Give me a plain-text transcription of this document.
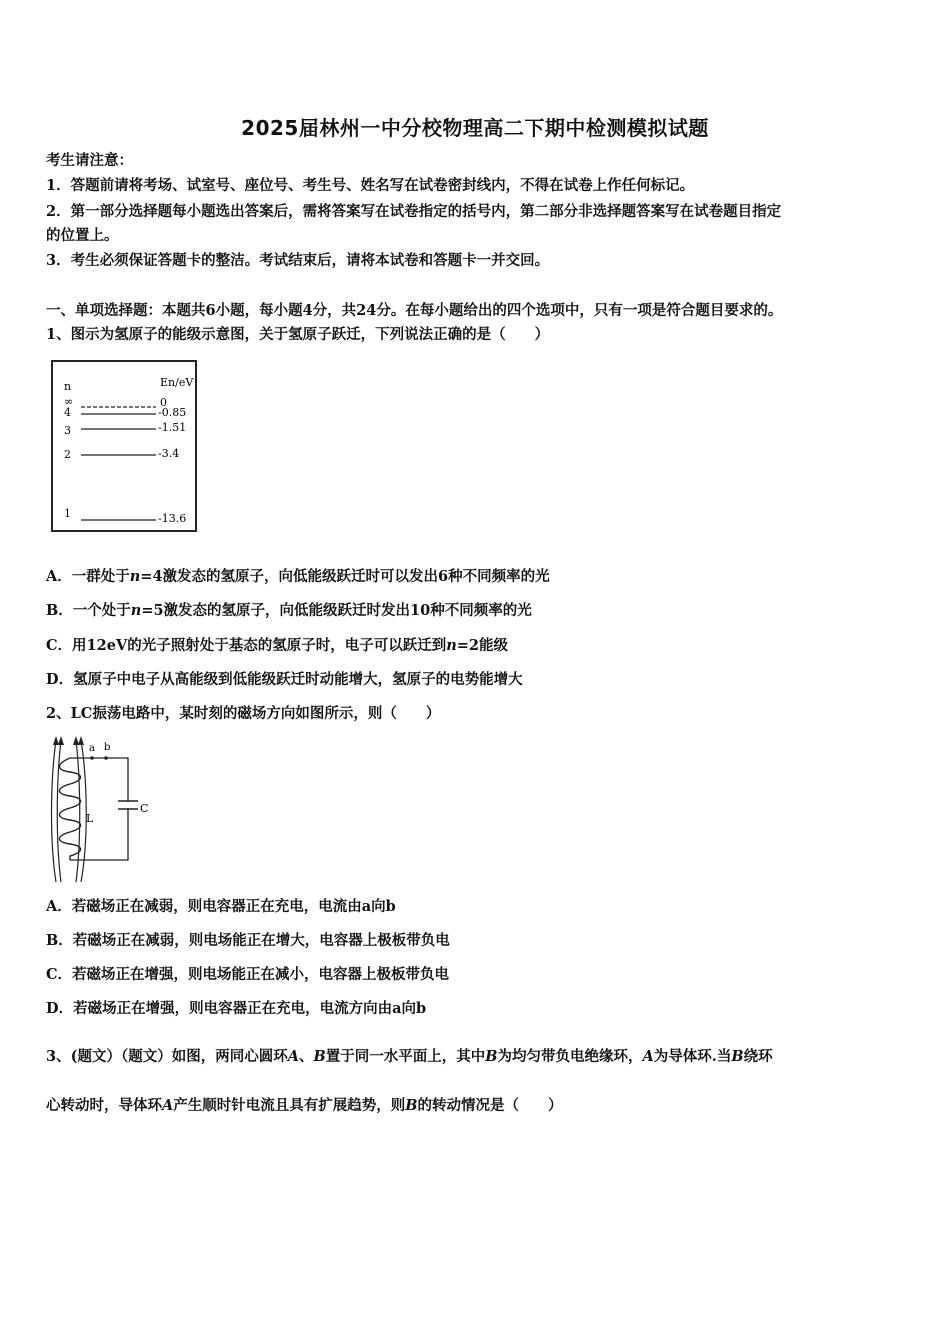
2025届林州一中分校物理高二下期中检测模拟试题
考生请注意：
1．答题前请将考场、试室号、座位号、考生号、姓名写在试卷密封线内，不得在试卷上作任何标记。
2．第一部分选择题每小题选出答案后，需将答案写在试卷指定的括号内，第二部分非选择题答案写在试卷题目指定
的位置上。
3．考生必须保证答题卡的整洁。考试结束后，请将本试卷和答题卡一并交回。
一、单项选择题：本题共6小题，每小题4分，共24分。在每小题给出的四个选项中，只有一项是符合题目要求的。
1、图示为氢原子的能级示意图，关于氢原子跃迁，下列说法正确的是（　　）
n	En/eV
∞
4
3
2
1
0
-0.85
-1.51
-3.4
-13.6
A．一群处于n=4激发态的氢原子，向低能级跃迁时可以发出6种不同频率的光
B．一个处于n=5激发态的氢原子，向低能级跃迁时发出10种不同频率的光
C．用12eV的光子照射处于基态的氢原子时，电子可以跃迁到n=2能级
D．氢原子中电子从高能级到低能级跃迁时动能增大，氢原子的电势能增大
2、LC振荡电路中，某时刻的磁场方向如图所示，则（　　）
a b
C
L
A．若磁场正在减弱，则电容器正在充电，电流由a向b
B．若磁场正在减弱，则电场能正在增大，电容器上极板带负电
C．若磁场正在增强，则电场能正在减小，电容器上极板带负电
D．若磁场正在增强，则电容器正在充电，电流方向由a向b
3、(题文）（题文）如图，两同心圆环A、B置于同一水平面上，其中B为均匀带负电绝缘环，A为导体环.当B绕环
心转动时，导体环A产生顺时针电流且具有扩展趋势，则B的转动情况是（　　）
